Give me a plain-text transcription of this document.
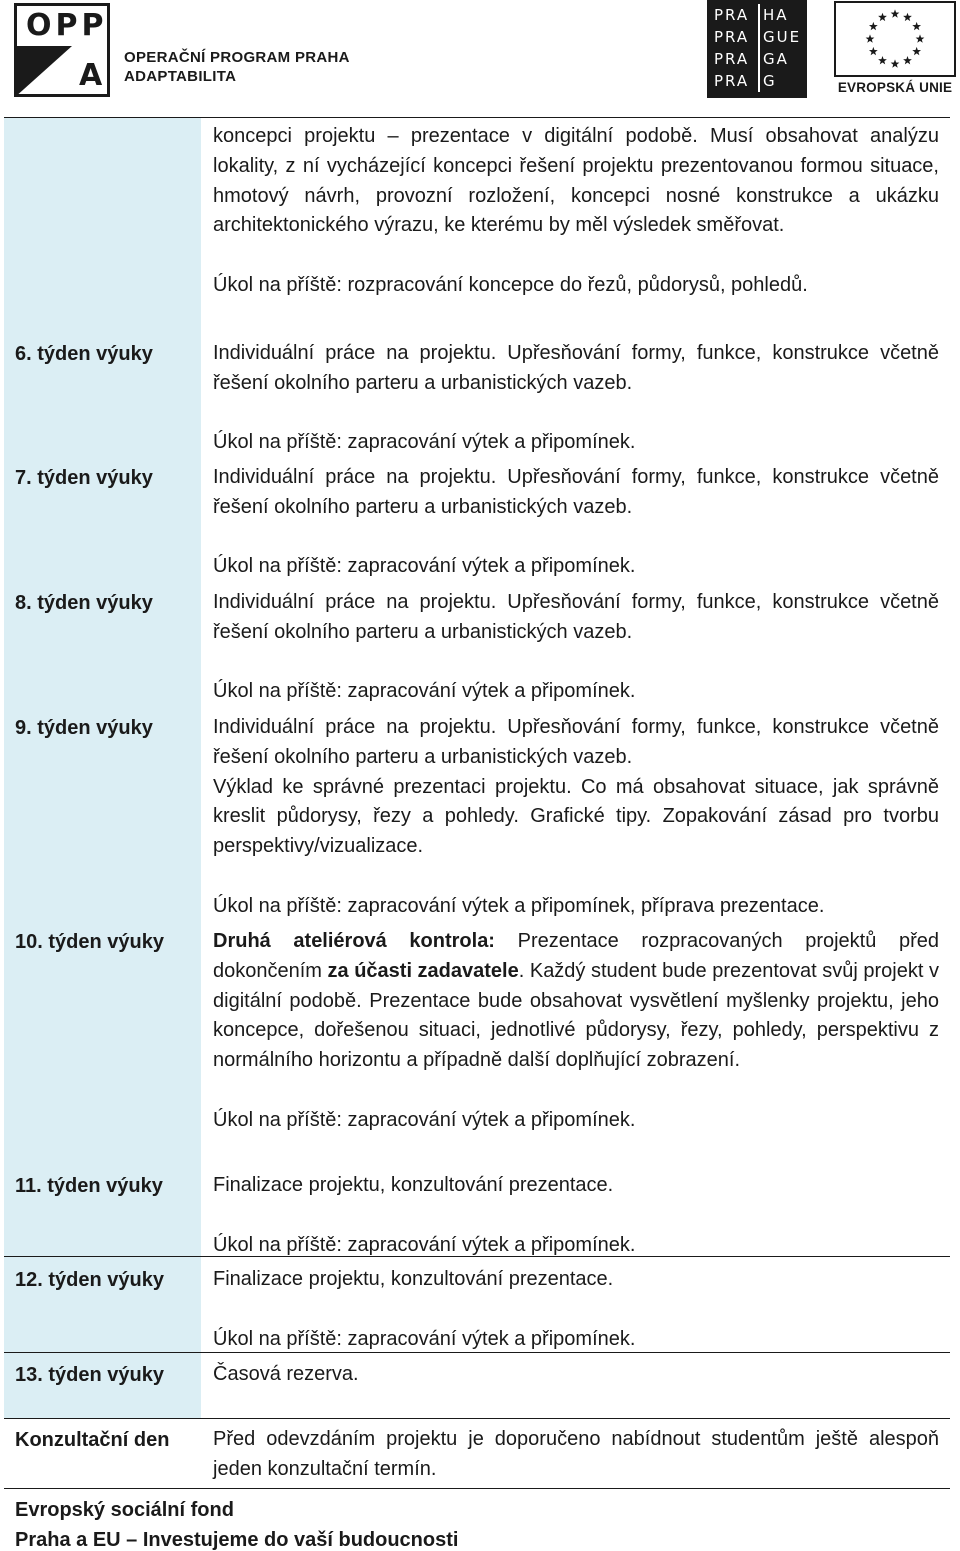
OPP
A
OPERAČNÍ PROGRAM PRAHA
ADAPTABILITA
PRA
PRA
PRA
PRA
HA
GUE
GA
G	EVROPSKÁ UNIE

koncepci projektu – prezentace v digitální podobě. Musí obsahovat analýzu lokality, z ní vycházející koncepci řešení projektu prezentovanou formou situace, hmotový návrh, provozní rozložení, koncepci nosné konstrukce a ukázku architektonického výrazu, ke kterému by měl výsledek směřovat.

Úkol na příště: rozpracování koncepce do řezů, půdorysů, pohledů.

6. týden výuky	Individuální práce na projektu. Upřesňování formy, funkce, konstrukce včetně řešení okolního parteru a urbanistických vazeb.

Úkol na příště: zapracování výtek a připomínek.

7. týden výuky	Individuální práce na projektu. Upřesňování formy, funkce, konstrukce včetně řešení okolního parteru a urbanistických vazeb.

Úkol na příště: zapracování výtek a připomínek.

8. týden výuky	Individuální práce na projektu. Upřesňování formy, funkce, konstrukce včetně řešení okolního parteru a urbanistických vazeb.

Úkol na příště: zapracování výtek a připomínek.

9. týden výuky	Individuální práce na projektu. Upřesňování formy, funkce, konstrukce včetně řešení okolního parteru a urbanistických vazeb.

Výklad ke správné prezentaci projektu. Co má obsahovat situace, jak správně kreslit půdorysy, řezy a pohledy. Grafické tipy. Zopakování zásad pro tvorbu perspektivy/vizualizace.

Úkol na příště: zapracování výtek a připomínek, příprava prezentace.

10. týden výuky Druhá ateliérová kontrola: Prezentace rozpracovaných projektů před dokončením za účasti zadavatele. Každý student bude prezentovat svůj projekt v digitální podobě. Prezentace bude obsahovat vysvětlení myšlenky projektu, jeho koncepce, dořešenou situaci, jednotlivé půdorysy, řezy, pohledy, perspektivu z normálního horizontu a případně další doplňující zobrazení.

Úkol na příště: zapracování výtek a připomínek.

11. týden výuky	Finalizace projektu, konzultování prezentace.

Úkol na příště: zapracování výtek a připomínek.

12. týden výuky Finalizace projektu, konzultování prezentace.

Úkol na příště: zapracování výtek a připomínek.

13. týden výuky Časová rezerva.

Konzultační den Před odevzdáním projektu je doporučeno nabídnout studentům ještě alespoň jeden konzultační termín.

Evropský sociální fond
Praha a EU – Investujeme do vaší budoucnosti
